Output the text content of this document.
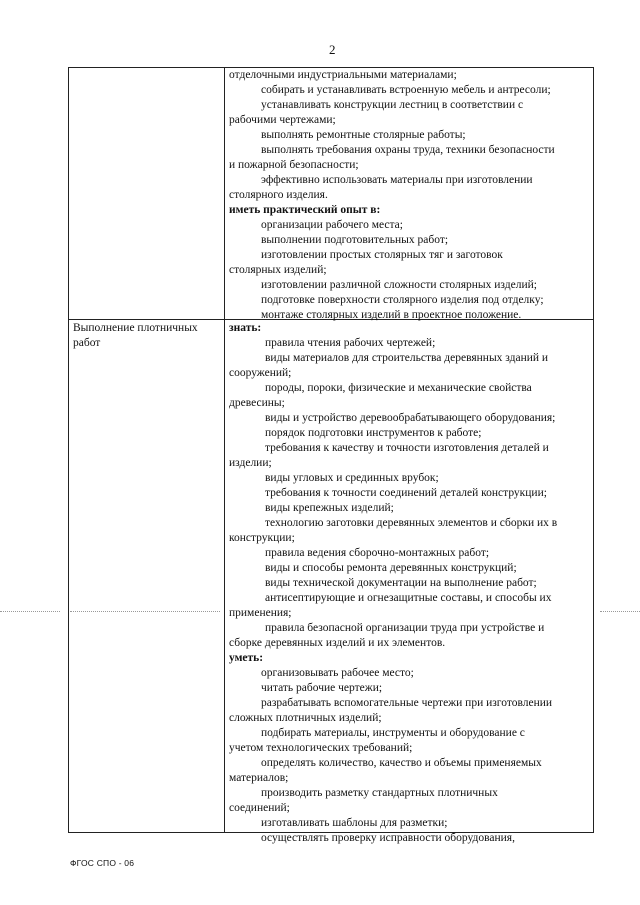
2
отделочными индустриальными материалами;
собирать и устанавливать встроенную мебель и антресоли;
устанавливать конструкции лестниц в соответствии с
рабочими чертежами;
выполнять ремонтные столярные работы;
выполнять требования охраны труда, техники безопасности
и пожарной безопасности;
эффективно использовать материалы при изготовлении
столярного изделия.
иметь практический опыт в:
организации рабочего места;
выполнении подготовительных работ;
изготовлении простых столярных тяг и заготовок
столярных изделий;
изготовлении различной сложности столярных изделий;
подготовке поверхности столярного изделия под отделку;
монтаже столярных изделий в проектное положение.
Выполнение плотничных
работ
знать:
правила чтения рабочих чертежей;
виды материалов для строительства деревянных зданий и
сооружений;
породы, пороки, физические и механические свойства
древесины;
виды и устройство деревообрабатывающего оборудования;
порядок подготовки инструментов к работе;
требования к качеству и точности изготовления деталей и
изделии;
виды угловых и срединных врубок;
требования к точности соединений деталей конструкции;
виды крепежных изделий;
технологию заготовки деревянных элементов и сборки их в
конструкции;
правила ведения сборочно-монтажных работ;
виды и способы ремонта деревянных конструкций;
виды технической документации на выполнение работ;
антисептирующие и огнезащитные составы, и способы их
применения;
правила безопасной организации труда при устройстве и
сборке деревянных изделий и их элементов.
уметь:
организовывать рабочее место;
читать рабочие чертежи;
разрабатывать вспомогательные чертежи при изготовлении
сложных плотничных изделий;
подбирать материалы, инструменты и оборудование с
учетом технологических требований;
определять количество, качество и объемы применяемых
материалов;
производить разметку стандартных плотничных
соединений;
изготавливать шаблоны для разметки;
осуществлять проверку исправности оборудования,
ФГОС СПО - 06
